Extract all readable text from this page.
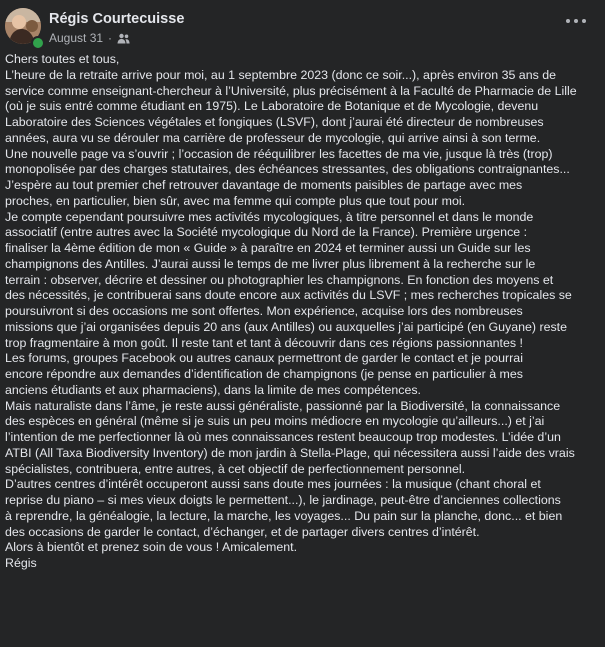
Régis Courtecuisse
August 31 ·
Chers toutes et tous,
L’heure de la retraite arrive pour moi, au 1 septembre 2023 (donc ce soir...), après environ 35 ans de
service comme enseignant-chercheur à l’Université, plus précisément à la Faculté de Pharmacie de Lille
(où je suis entré comme étudiant en 1975). Le Laboratoire de Botanique et de Mycologie, devenu
Laboratoire des Sciences végétales et fongiques (LSVF), dont j’aurai été directeur de nombreuses
années, aura vu se dérouler ma carrière de professeur de mycologie, qui arrive ainsi à son terme.
Une nouvelle page va s’ouvrir ; l’occasion de rééquilibrer les facettes de ma vie, jusque là très (trop)
monopolisée par des charges statutaires, des échéances stressantes, des obligations contraignantes...
J’espère au tout premier chef retrouver davantage de moments paisibles de partage avec mes
proches, en particulier, bien sûr, avec ma femme qui compte plus que tout pour moi.
Je compte cependant poursuivre mes activités mycologiques, à titre personnel et dans le monde
associatif (entre autres avec la Société mycologique du Nord de la France). Première urgence :
finaliser la 4ème édition de mon « Guide » à paraître en 2024 et terminer aussi un Guide sur les
champignons des Antilles. J’aurai aussi le temps de me livrer plus librement à la recherche sur le
terrain : observer, décrire et dessiner ou photographier les champignons. En fonction des moyens et
des nécessités, je contribuerai sans doute encore aux activités du LSVF ; mes recherches tropicales se
poursuivront si des occasions me sont offertes. Mon expérience, acquise lors des nombreuses
missions que j’ai organisées depuis 20 ans (aux Antilles) ou auxquelles j’ai participé (en Guyane) reste
trop fragmentaire à mon goût. Il reste tant et tant à découvrir dans ces régions passionnantes !
Les forums, groupes Facebook ou autres canaux permettront de garder le contact et je pourrai
encore répondre aux demandes d’identification de champignons (je pense en particulier à mes
anciens étudiants et aux pharmaciens), dans la limite de mes compétences.
Mais naturaliste dans l’âme, je reste aussi généraliste, passionné par la Biodiversité, la connaissance
des espèces en général (même si je suis un peu moins médiocre en mycologie qu’ailleurs...) et j’ai
l’intention de me perfectionner là où mes connaissances restent beaucoup trop modestes. L’idée d’un
ATBI (All Taxa Biodiversity Inventory) de mon jardin à Stella-Plage, qui nécessitera aussi l’aide des vrais
spécialistes, contribuera, entre autres, à cet objectif de perfectionnement personnel.
D’autres centres d’intérêt occuperont aussi sans doute mes journées : la musique (chant choral et
reprise du piano – si mes vieux doigts le permettent...), le jardinage, peut-être d’anciennes collections
à reprendre, la généalogie, la lecture, la marche, les voyages... Du pain sur la planche, donc... et bien
des occasions de garder le contact, d’échanger, et de partager divers centres d’intérêt.
Alors à bientôt et prenez soin de vous ! Amicalement.
Régis
